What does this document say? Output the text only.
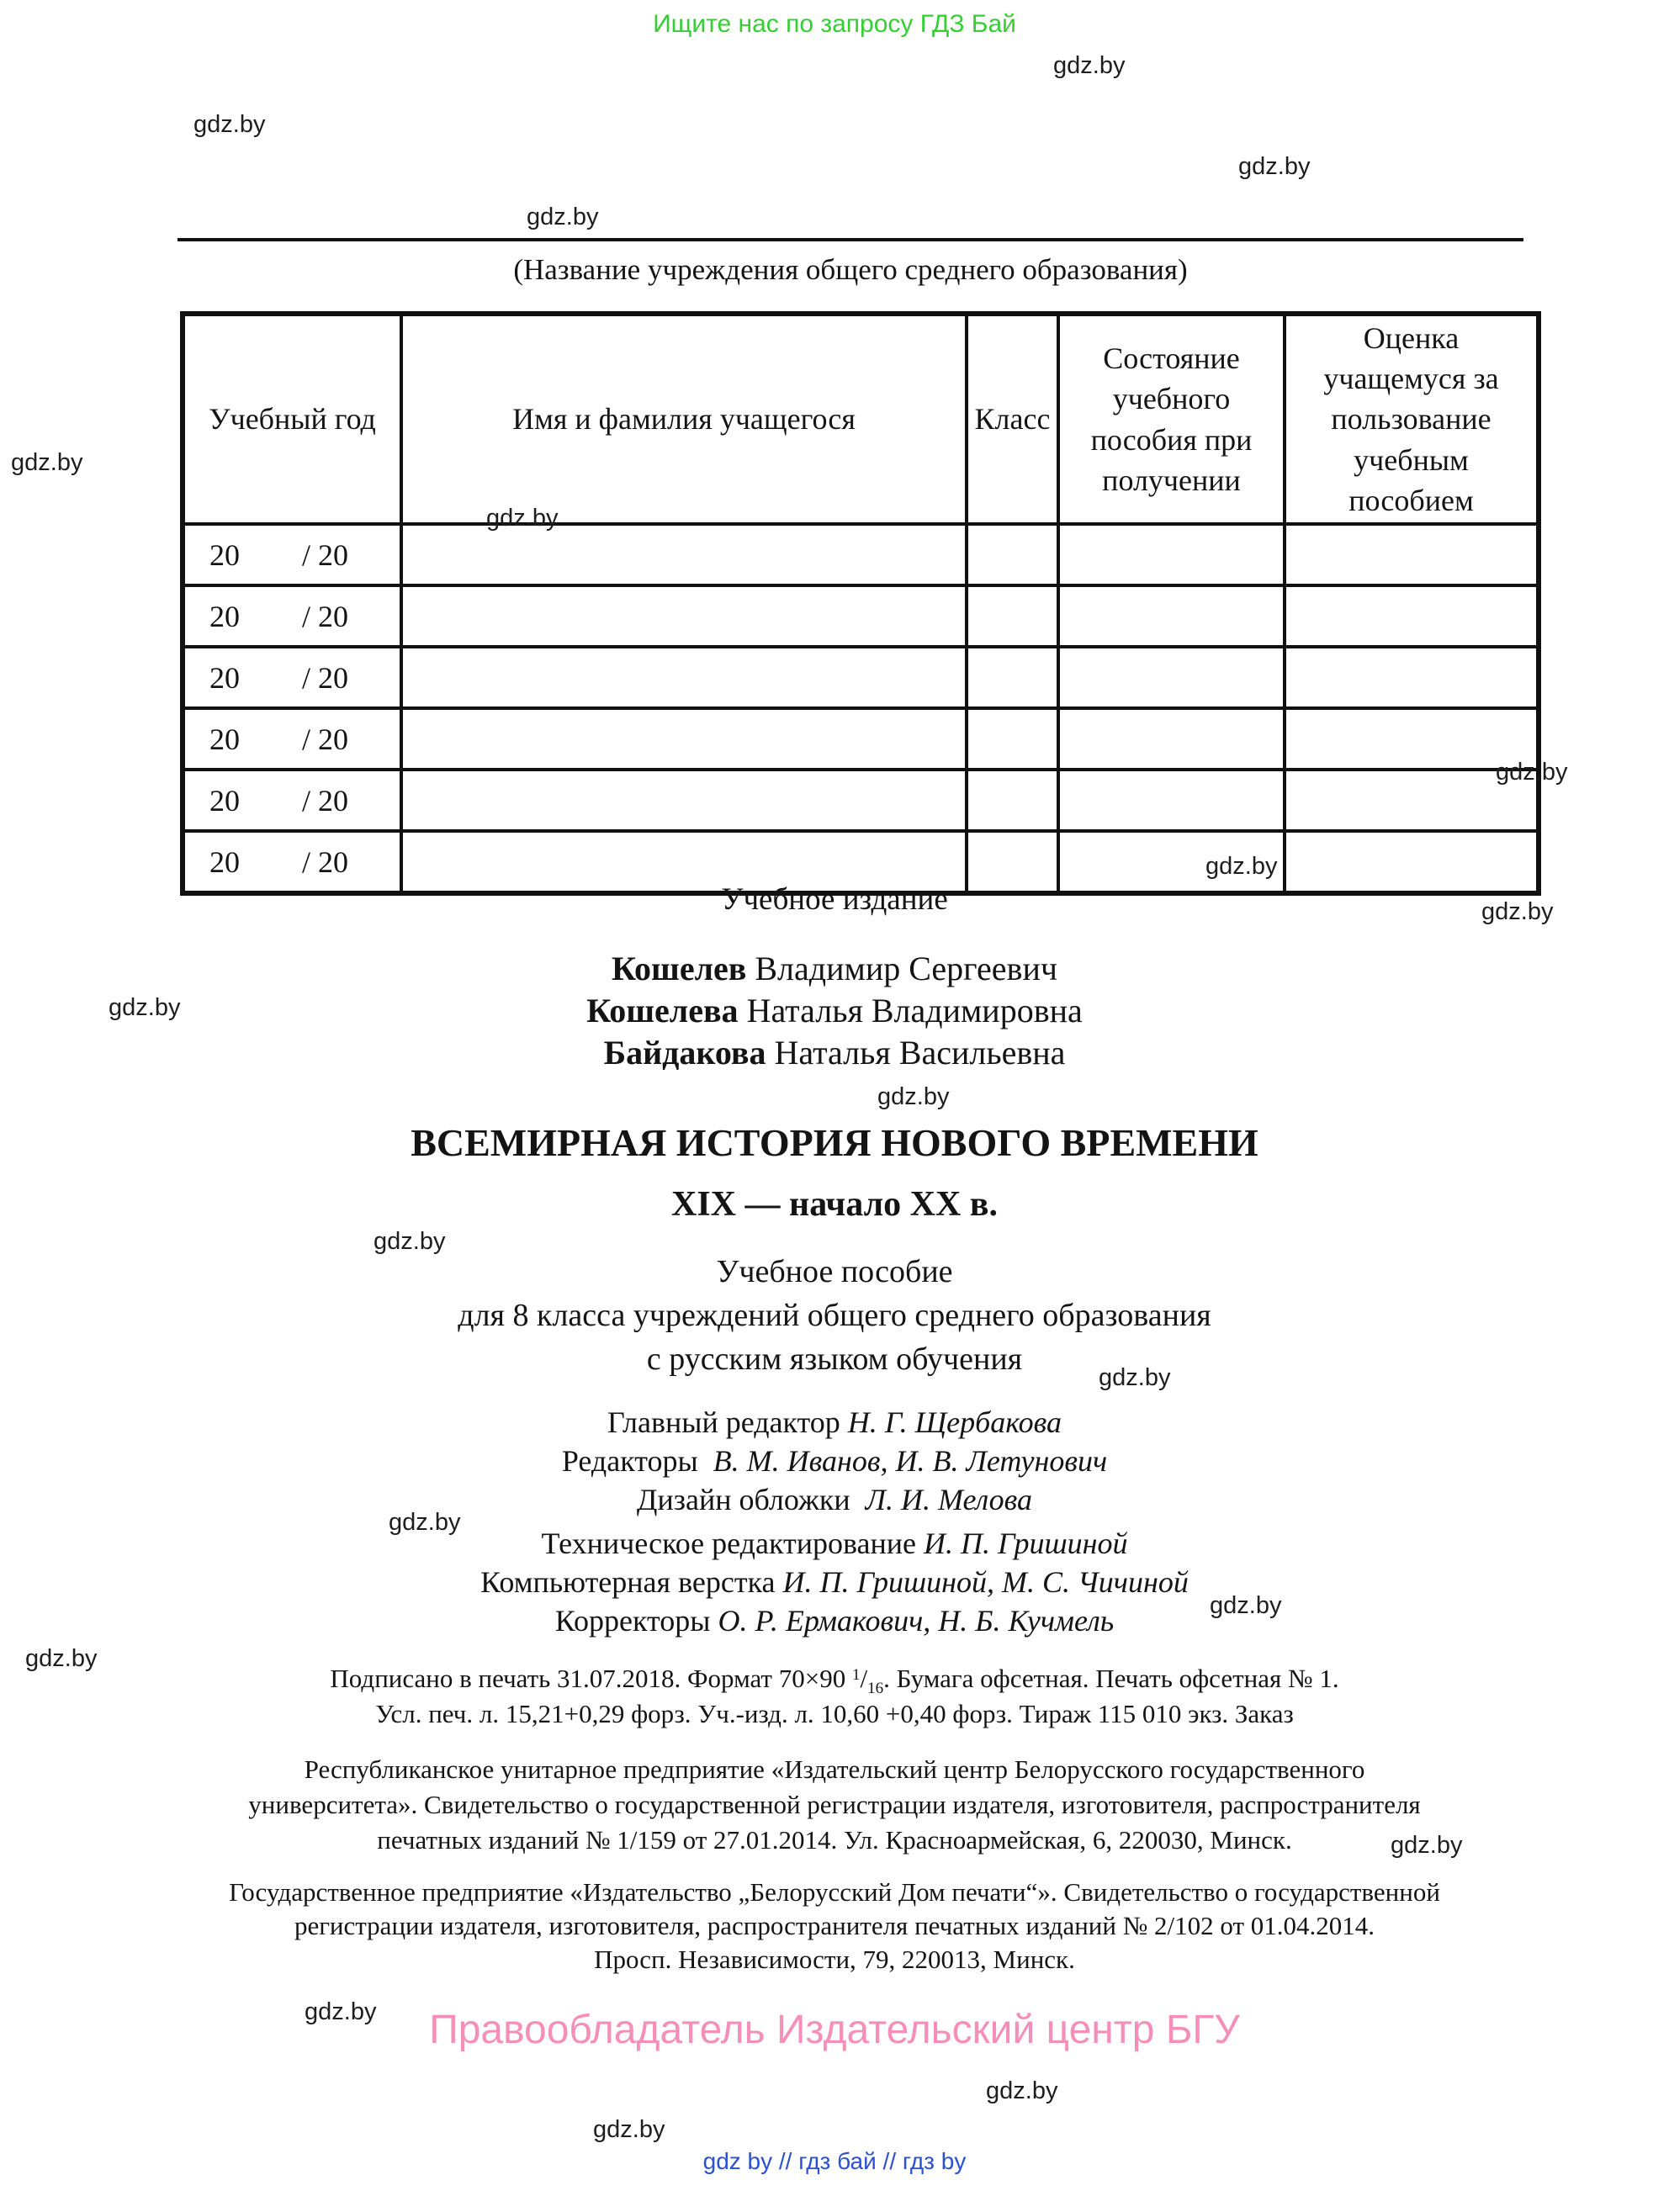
Ищите нас по запросу ГДЗ Бай
gdz.by
gdz.by
gdz.by
gdz.by
gdz.by
gdz.by
gdz.by
gdz.by
gdz.by
gdz.by
gdz.by
gdz.by
gdz.by
gdz.by
gdz.by
gdz.by
gdz.by
gdz.by
gdz.by
gdz.by
(Название учреждения общего среднего образования)
Учебный год	Имя и фамилия учащегося	Класс	Состояние учебного пособия при получении	Оценка учащемуся за пользование учебным пособием

20 / 20				

20 / 20				

20 / 20				

20 / 20				

20 / 20				

20 / 20				

Учебное издание
Кошелев Владимир Сергеевич
Кошелева Наталья Владимировна
Байдакова Наталья Васильевна
ВСЕМИРНАЯ ИСТОРИЯ НОВОГО ВРЕМЕНИ
XIX — начало XX в.
Учебное пособие
для 8 класса учреждений общего среднего образования
с русским языком обучения
Главный редактор Н. Г. Щербакова
Редакторы  В. М. Иванов, И. В. Летунович
Дизайн обложки  Л. И. Мелова
Техническое редактирование И. П. Гришиной
Компьютерная верстка И. П. Гришиной, М. С. Чичиной
Корректоры О. Р. Ермакович, Н. Б. Кучмель
Подписано в печать 31.07.2018. Формат 70×90 $^1/_{16}$. Бумага офсетная. Печать офсетная № 1.
Усл. печ. л. 15,21+0,29 форз. Уч.-изд. л. 10,60 +0,40 форз. Тираж 115 010 экз. Заказ
Республиканское унитарное предприятие «Издательский центр Белорусского государственного
университета». Свидетельство о государственной регистрации издателя, изготовителя, распространителя
печатных изданий № 1/159 от 27.01.2014. Ул. Красноармейская, 6, 220030, Минск.
Государственное предприятие «Издательство „Белорусский Дом печати“». Свидетельство о государственной
регистрации издателя, изготовителя, распространителя печатных изданий № 2/102 от 01.04.2014.
Просп. Независимости, 79, 220013, Минск.
Правообладатель Издательский центр БГУ
gdz by // гдз бай // гдз by
